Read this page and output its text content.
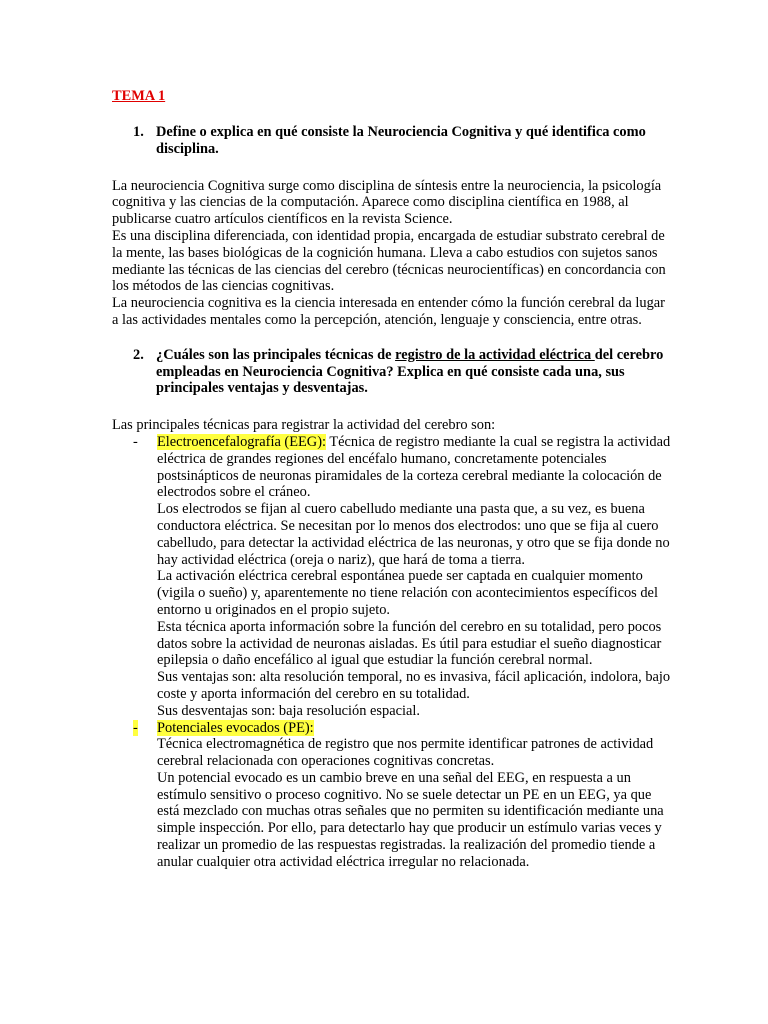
TEMA 1
1. Define o explica en qué consiste la Neurociencia Cognitiva y qué identifica como disciplina.

La neurociencia Cognitiva surge como disciplina de síntesis entre la neurociencia, la psicología cognitiva y las ciencias de la computación. Aparece como disciplina científica en 1988, al publicarse cuatro artículos científicos en la revista Science.

Es una disciplina diferenciada, con identidad propia, encargada de estudiar substrato cerebral de la mente, las bases biológicas de la cognición humana. Lleva a cabo estudios con sujetos sanos mediante las técnicas de las ciencias del cerebro (técnicas neurocientíficas) en concordancia con los métodos de las ciencias cognitivas.

La neurociencia cognitiva es la ciencia interesada en entender cómo la función cerebral da lugar a las actividades mentales como la percepción, atención, lenguaje y consciencia, entre otras.

2. ¿Cuáles son las principales técnicas de registro de la actividad eléctrica del cerebro empleadas en Neurociencia Cognitiva? Explica en qué consiste cada una, sus principales ventajas y desventajas.

Las principales técnicas para registrar la actividad del cerebro son:

- Electroencefalografía (EEG): Técnica de registro mediante la cual se registra la actividad eléctrica de grandes regiones del encéfalo humano, concretamente potenciales postsinápticos de neuronas piramidales de la corteza cerebral mediante la colocación de electrodos sobre el cráneo.

Los electrodos se fijan al cuero cabelludo mediante una pasta que, a su vez, es buena conductora eléctrica. Se necesitan por lo menos dos electrodos: uno que se fija al cuero cabelludo, para detectar la actividad eléctrica de las neuronas, y otro que se fija donde no hay actividad eléctrica (oreja o nariz), que hará de toma a tierra.

La activación eléctrica cerebral espontánea puede ser captada en cualquier momento (vigila o sueño) y, aparentemente no tiene relación con acontecimientos específicos del entorno u originados en el propio sujeto.

Esta técnica aporta información sobre la función del cerebro en su totalidad, pero pocos datos sobre la actividad de neuronas aisladas. Es útil para estudiar el sueño diagnosticar epilepsia o daño encefálico al igual que estudiar la función cerebral normal.

Sus ventajas son: alta resolución temporal, no es invasiva, fácil aplicación, indolora, bajo coste y aporta información del cerebro en su totalidad.

Sus desventajas son: baja resolución espacial.

- Potenciales evocados (PE):

Técnica electromagnética de registro que nos permite identificar patrones de actividad cerebral relacionada con operaciones cognitivas concretas.

Un potencial evocado es un cambio breve en una señal del EEG, en respuesta a un estímulo sensitivo o proceso cognitivo. No se suele detectar un PE en un EEG, ya que está mezclado con muchas otras señales que no permiten su identificación mediante una simple inspección. Por ello, para detectarlo hay que producir un estímulo varias veces y realizar un promedio de las respuestas registradas. la realización del promedio tiende a anular cualquier otra actividad eléctrica irregular no relacionada.
